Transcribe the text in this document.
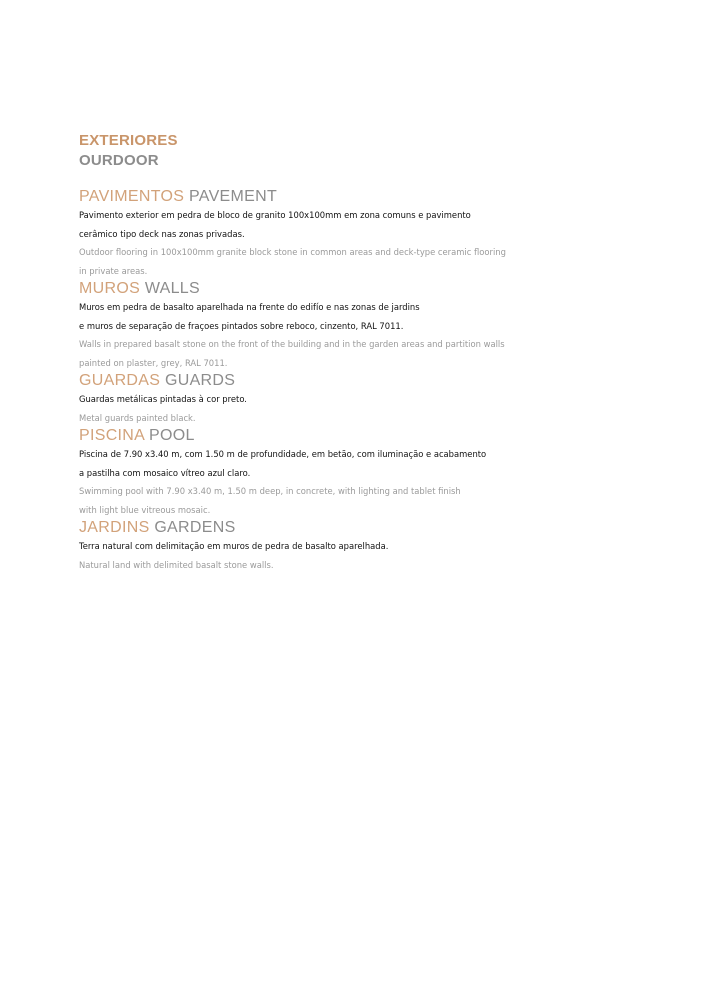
EXTERIORES
OURDOOR
PAVIMENTOS PAVEMENT
Pavimento exterior em pedra de bloco de granito 100x100mm em zona comuns e pavimento
cerâmico tipo deck nas zonas privadas.
Outdoor flooring in 100x100mm granite block stone in common areas and deck-type ceramic flooring
in private areas.
MUROS WALLS
Muros em pedra de basalto aparelhada na frente do edifío e nas zonas de jardins
e muros de separação de fraçoes pintados sobre reboco, cinzento, RAL 7011.
Walls in prepared basalt stone on the front of the building and in the garden areas and partition walls
painted on plaster, grey, RAL 7011.
GUARDAS GUARDS
Guardas metálicas pintadas à cor preto.
Metal guards painted black.
PISCINA POOL
Piscina de 7.90 x3.40 m, com 1.50 m de profundidade, em betão, com iluminação e acabamento
a pastilha com mosaico vítreo azul claro.
Swimming pool with 7.90 x3.40 m, 1.50 m deep, in concrete, with lighting and tablet finish
with light blue vitreous mosaic.
JARDINS GARDENS
Terra natural com delimitação em muros de pedra de basalto aparelhada.
Natural land with delimited basalt stone walls.
